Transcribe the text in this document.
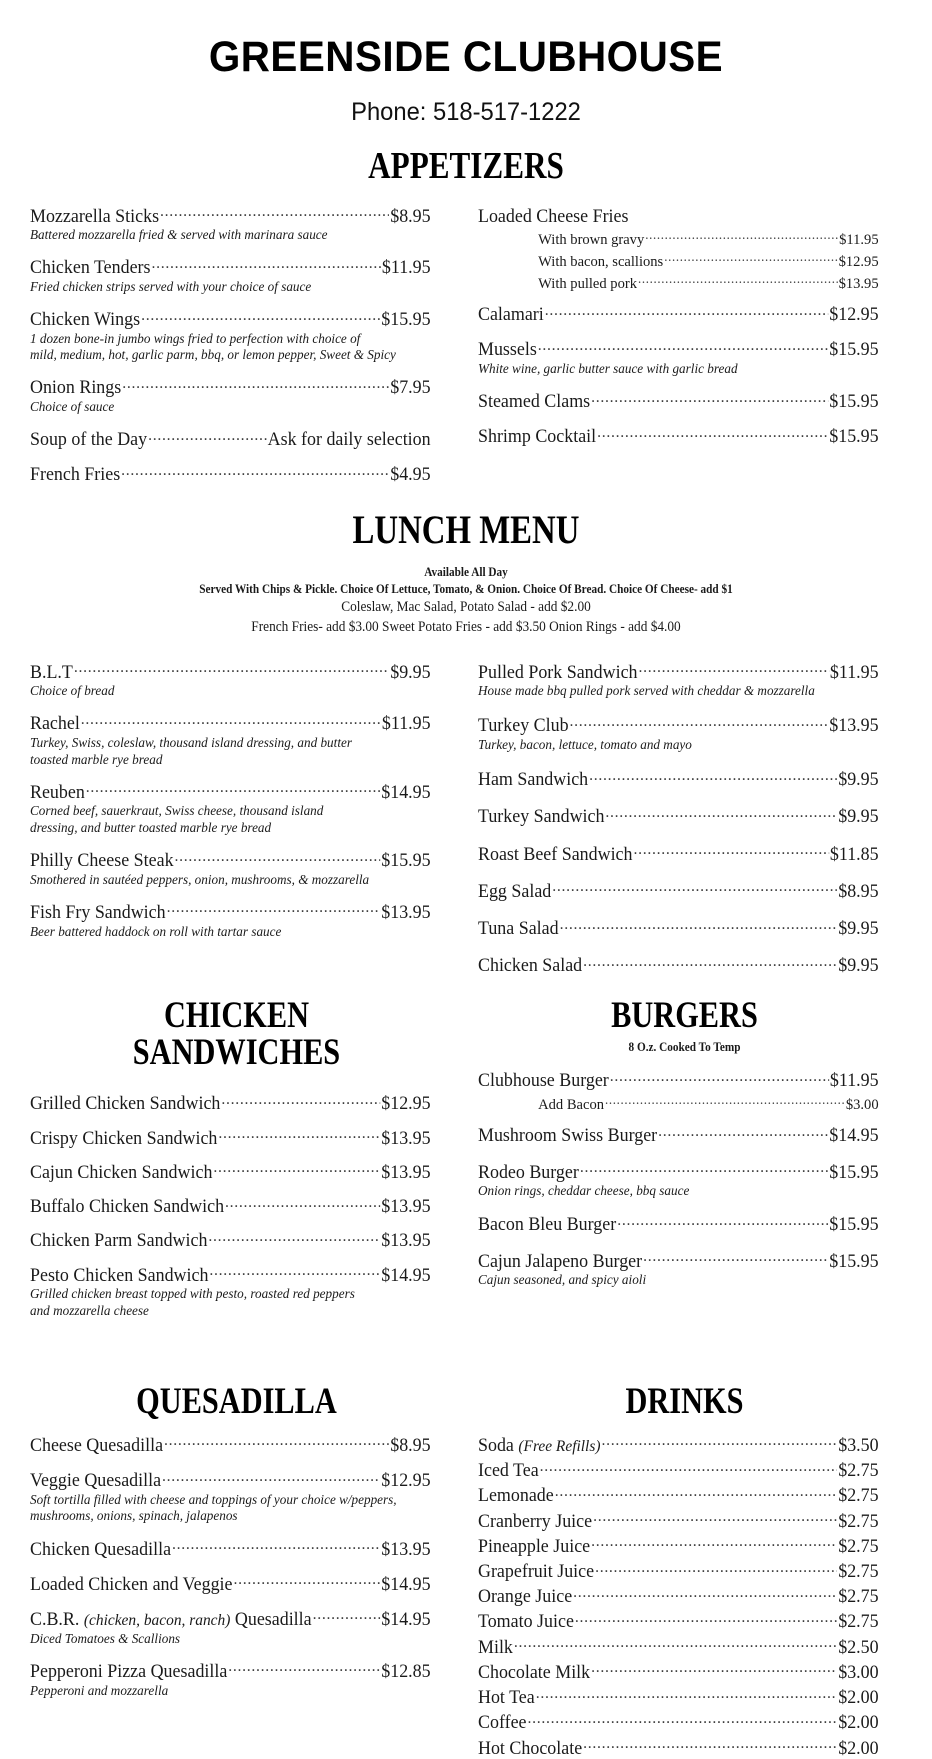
GREENSIDE CLUBHOUSE
Phone: 518-517-1222
APPETIZERS
Mozzarella Sticks .....	$8.95
Battered mozzarella fried & served with marinara sauce
Chicken Tenders .....	$11.95
Fried chicken strips served with your choice of sauce
Chicken Wings .....	$15.95
1 dozen bone-in jumbo wings fried to perfection with choice of
mild, medium, hot, garlic parm, bbq, or lemon pepper, Sweet & Spicy
Onion Rings .....	$7.95
Choice of sauce
Soup of the Day .....	Ask for daily selection
French Fries .....	$4.95
Loaded Cheese Fries
With brown gravy .....	$11.95
With bacon, scallions .....	$12.95
With pulled pork .....	$13.95
Calamari .....	$12.95
Mussels .....	$15.95
White wine, garlic butter sauce with garlic bread
Steamed Clams .....	$15.95
Shrimp Cocktail .....	$15.95
LUNCH MENU
Available All Day
Served With Chips & Pickle. Choice Of Lettuce, Tomato, & Onion. Choice Of Bread. Choice Of Cheese- add $1
Coleslaw, Mac Salad, Potato Salad - add $2.00
French Fries- add $3.00 Sweet Potato Fries - add $3.50 Onion Rings - add $4.00
B.L.T .....	$9.95
Choice of bread
Rachel .....	$11.95
Turkey, Swiss, coleslaw, thousand island dressing, and butter
toasted marble rye bread
Reuben .....	$14.95
Corned beef, sauerkraut, Swiss cheese, thousand island
dressing, and butter toasted marble rye bread
Philly Cheese Steak .....	$15.95
Smothered in sautéed peppers, onion, mushrooms, & mozzarella
Fish Fry Sandwich .....	$13.95
Beer battered haddock on roll with tartar sauce
Pulled Pork Sandwich .....	$11.95
House made bbq pulled pork served with cheddar & mozzarella
Turkey Club .....	$13.95
Turkey, bacon, lettuce, tomato and mayo
Ham Sandwich .....	$9.95
Turkey Sandwich .....	$9.95
Roast Beef Sandwich .....	$11.85
Egg Salad .....	$8.95
Tuna Salad .....	$9.95
Chicken Salad .....	$9.95
CHICKEN SANDWICHES
Grilled Chicken Sandwich .....	$12.95
Crispy Chicken Sandwich .....	$13.95
Cajun Chicken Sandwich .....	$13.95
Buffalo Chicken Sandwich .....	$13.95
Chicken Parm Sandwich .....	$13.95
Pesto Chicken Sandwich .....	$14.95
Grilled chicken breast topped with pesto, roasted red peppers
and mozzarella cheese
BURGERS
8 O.z. Cooked To Temp
Clubhouse Burger .....	$11.95
Add Bacon .....	$3.00
Mushroom Swiss Burger .....	$14.95
Rodeo Burger .....	$15.95
Onion rings, cheddar cheese, bbq sauce
Bacon Bleu Burger .....	$15.95
Cajun Jalapeno Burger .....	$15.95
Cajun seasoned, and spicy aioli
QUESADILLA
Cheese Quesadilla .....	$8.95
Veggie Quesadilla .....	$12.95
Soft tortilla filled with cheese and toppings of your choice w/peppers,
mushrooms, onions, spinach, jalapenos
Chicken Quesadilla .....	$13.95
Loaded Chicken and Veggie .....	$14.95
C.B.R. (chicken, bacon, ranch) Quesadilla .....	$14.95
Diced Tomatoes & Scallions
Pepperoni Pizza Quesadilla .....	$12.85
Pepperoni and mozzarella
DRINKS
Soda (Free Refills) .....	$3.50
Iced Tea .....	$2.75
Lemonade .....	$2.75
Cranberry Juice .....	$2.75
Pineapple Juice .....	$2.75
Grapefruit Juice .....	$2.75
Orange Juice .....	$2.75
Tomato Juice .....	$2.75
Milk .....	$2.50
Chocolate Milk .....	$3.00
Hot Tea .....	$2.00
Coffee .....	$2.00
Hot Chocolate .....	$2.00
